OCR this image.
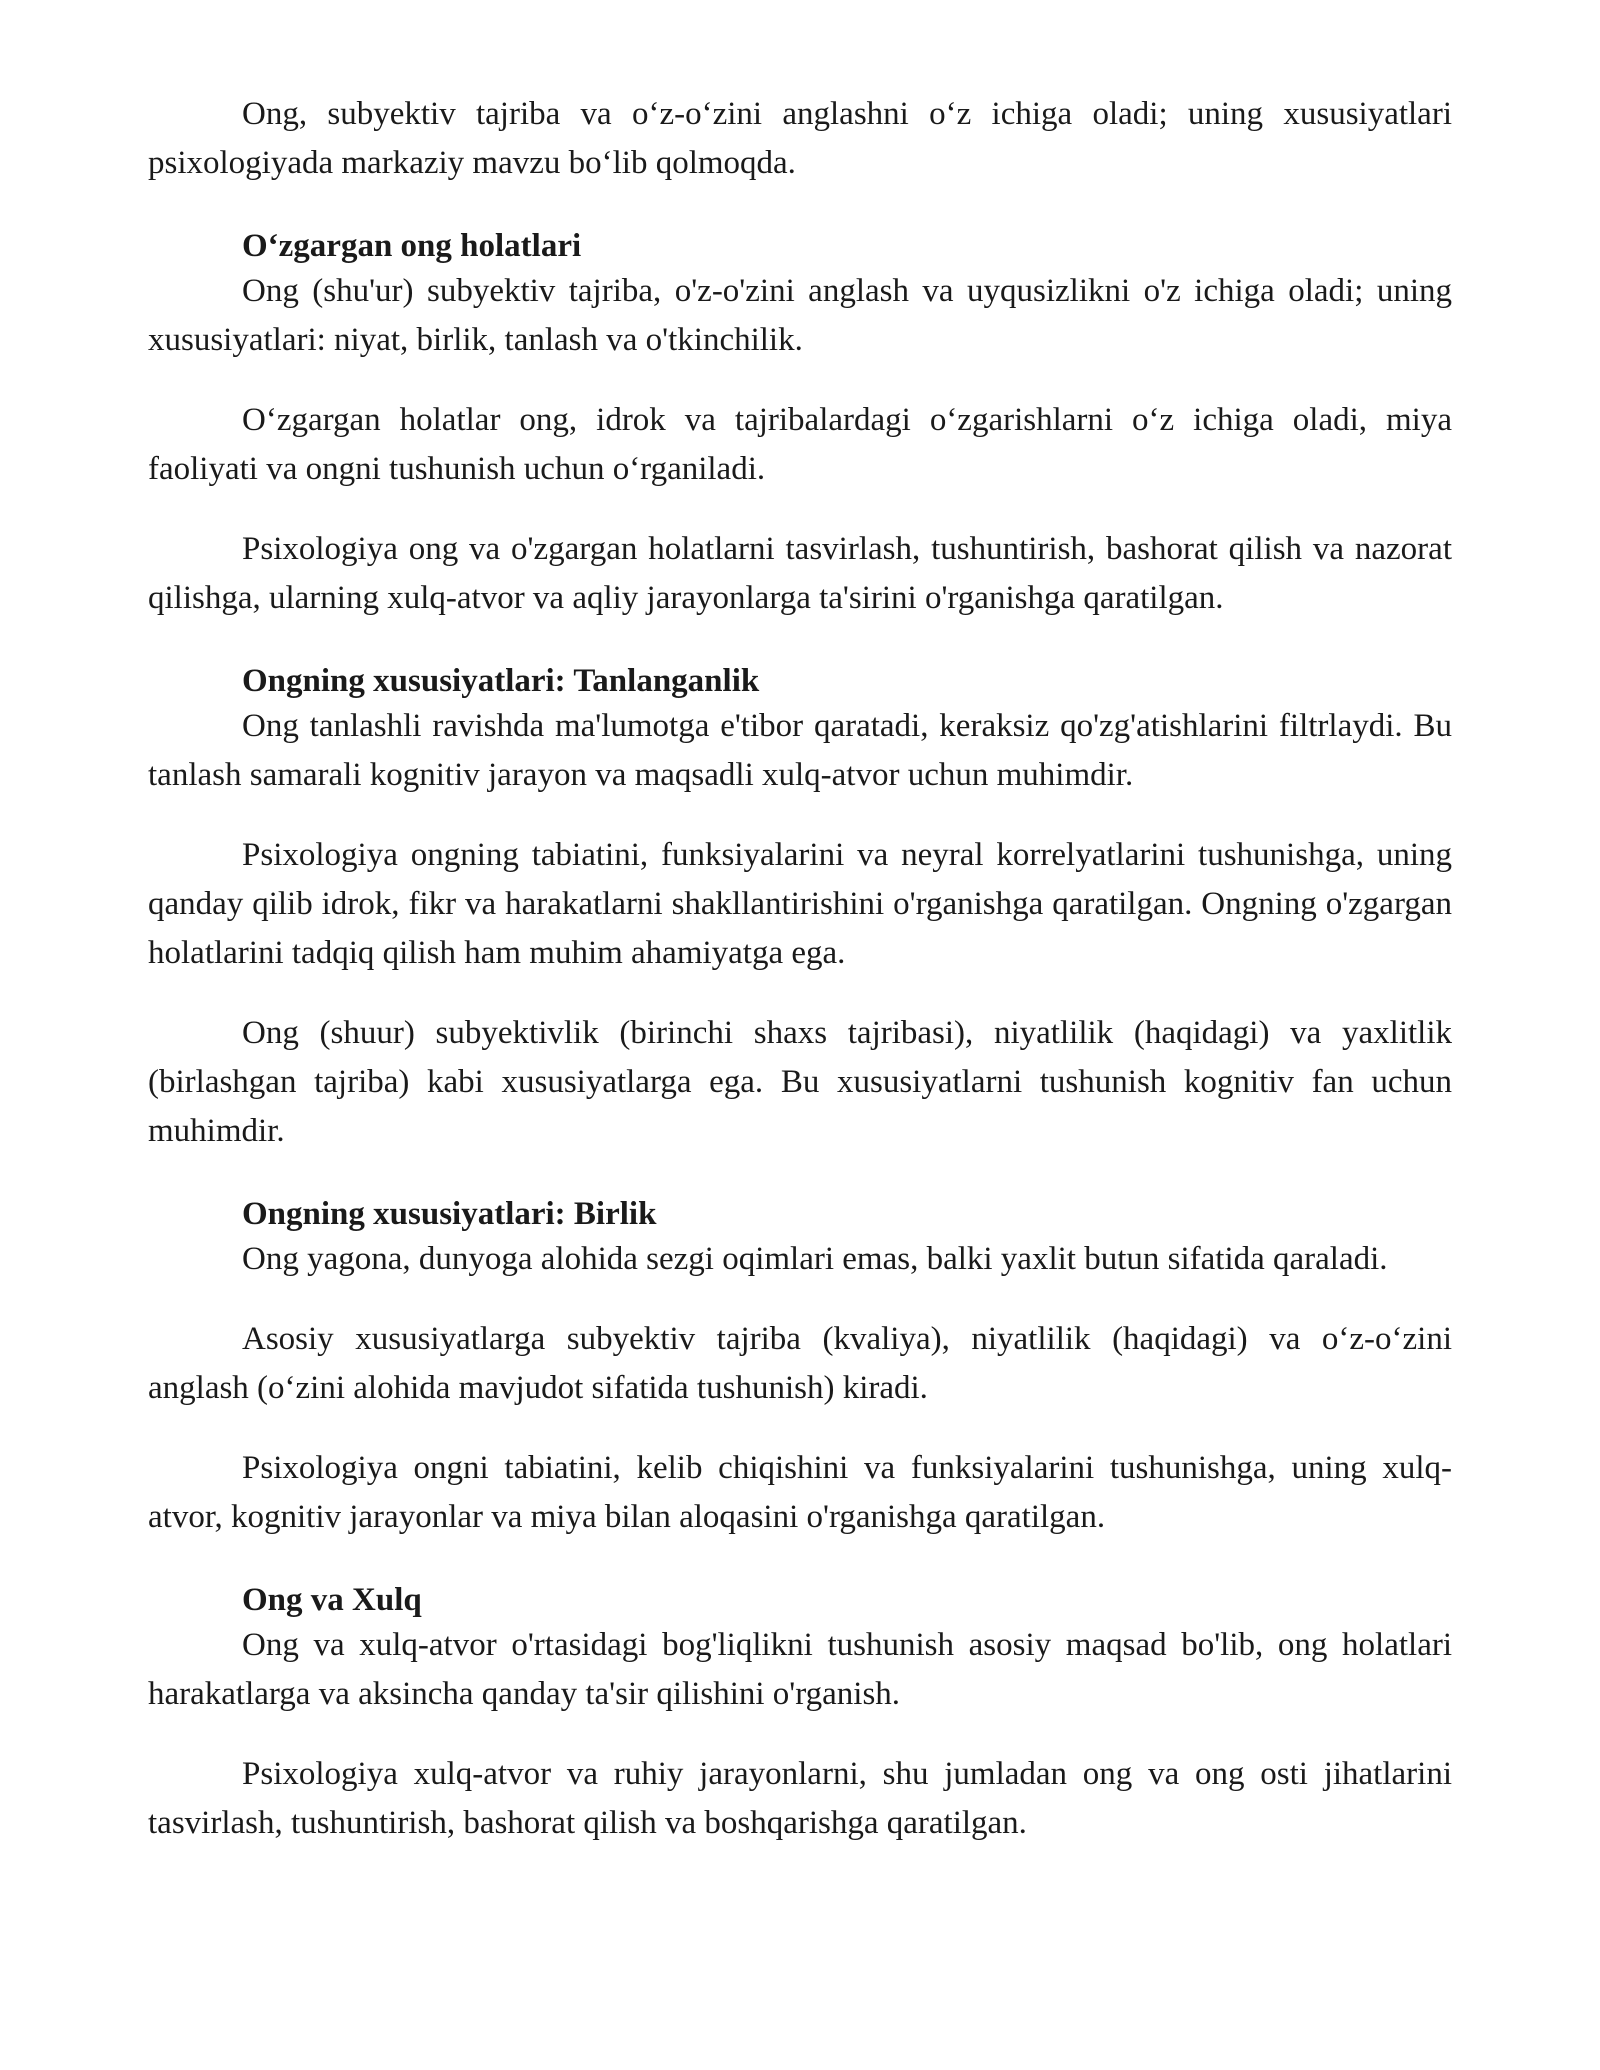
Ong, subyektiv tajriba va o‘z-o‘zini anglashni o‘z ichiga oladi; uning xususiyatlari psixologiyada markaziy mavzu bo‘lib qolmoqda.

O‘zgargan ong holatlari

Ong (shu'ur) subyektiv tajriba, o'z-o'zini anglash va uyqusizlikni o'z ichiga oladi; uning xususiyatlari: niyat, birlik, tanlash va o'tkinchilik.

O‘zgargan holatlar ong, idrok va tajribalardagi o‘zgarishlarni o‘z ichiga oladi, miya faoliyati va ongni tushunish uchun o‘rganiladi.

Psixologiya ong va o'zgargan holatlarni tasvirlash, tushuntirish, bashorat qilish va nazorat qilishga, ularning xulq-atvor va aqliy jarayonlarga ta'sirini o'rganishga qaratilgan.

Ongning xususiyatlari: Tanlanganlik

Ong tanlashli ravishda ma'lumotga e'tibor qaratadi, keraksiz qo'zg'atishlarini filtrlaydi. Bu tanlash samarali kognitiv jarayon va maqsadli xulq-atvor uchun muhimdir.

Psixologiya ongning tabiatini, funksiyalarini va neyral korrelyatlarini tushunishga, uning qanday qilib idrok, fikr va harakatlarni shakllantirishini o'rganishga qaratilgan. Ongning o'zgargan holatlarini tadqiq qilish ham muhim ahamiyatga ega.

Ong (shuur) subyektivlik (birinchi shaxs tajribasi), niyatlilik (haqidagi) va yaxlitlik (birlashgan tajriba) kabi xususiyatlarga ega. Bu xususiyatlarni tushunish kognitiv fan uchun muhimdir.

Ongning xususiyatlari: Birlik

Ong yagona, dunyoga alohida sezgi oqimlari emas, balki yaxlit butun sifatida qaraladi.

Asosiy xususiyatlarga subyektiv tajriba (kvaliya), niyatlilik (haqidagi) va o‘z-o‘zini anglash (o‘zini alohida mavjudot sifatida tushunish) kiradi.

Psixologiya ongni tabiatini, kelib chiqishini va funksiyalarini tushunishga, uning xulq-atvor, kognitiv jarayonlar va miya bilan aloqasini o'rganishga qaratilgan.

Ong va Xulq

Ong va xulq-atvor o'rtasidagi bog'liqlikni tushunish asosiy maqsad bo'lib, ong holatlari harakatlarga va aksincha qanday ta'sir qilishini o'rganish.

Psixologiya xulq-atvor va ruhiy jarayonlarni, shu jumladan ong va ong osti jihatlarini tasvirlash, tushuntirish, bashorat qilish va boshqarishga qaratilgan.
